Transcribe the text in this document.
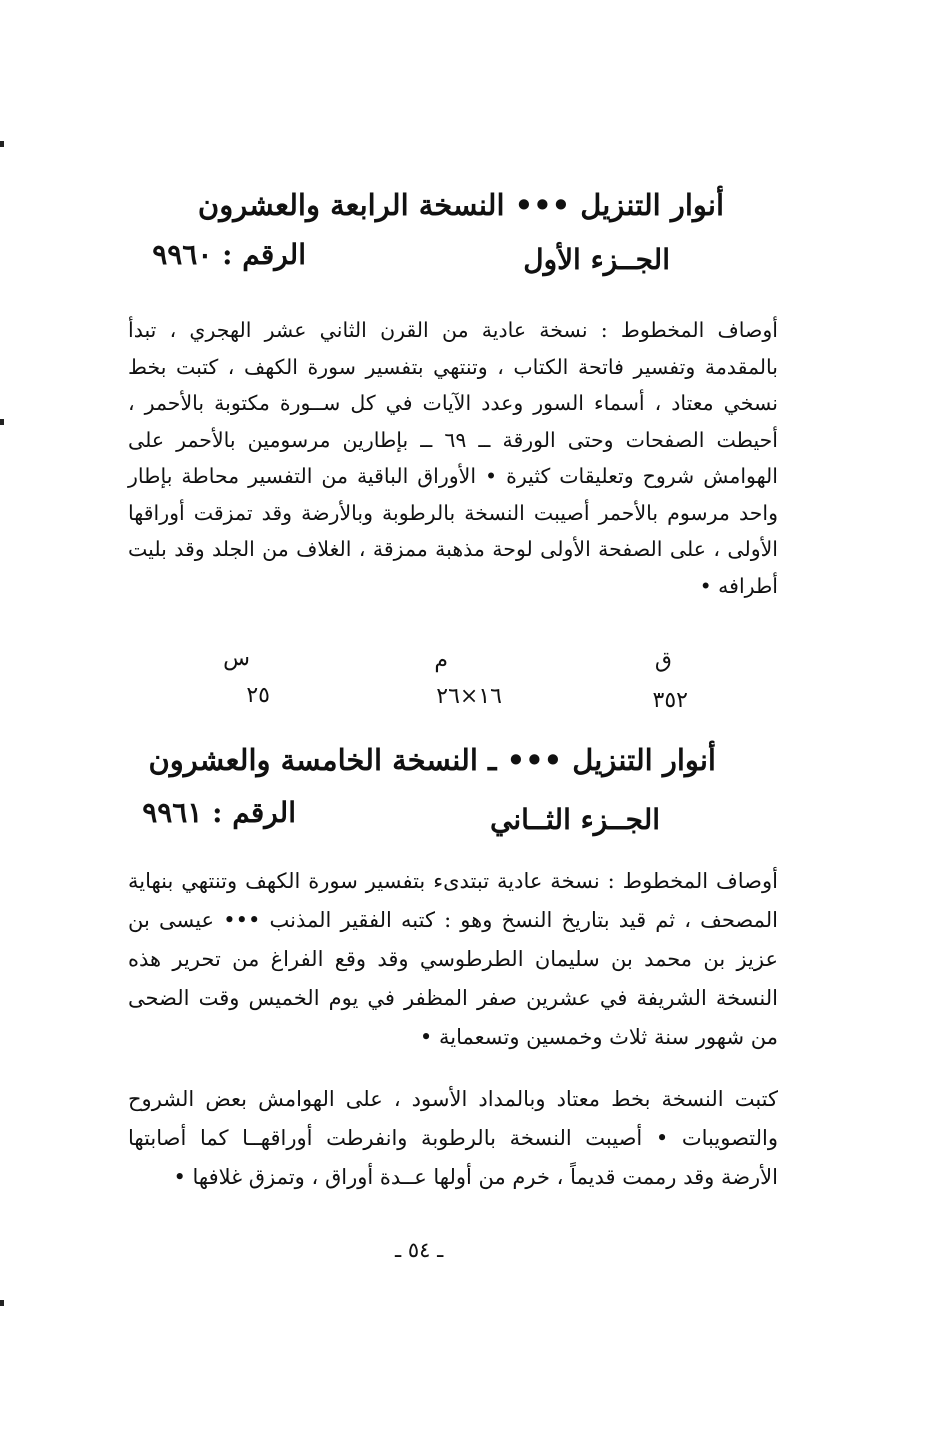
أنوار التنزيل ••• النسخة الرابعة والعشرون
الجــزء الأول
الرقم : ٩٩٦٠
أوصاف المخطوط : نسخة عادية من القرن الثاني عشر الهجري ، تبدأ بالمقدمة وتفسير فاتحة الكتاب ، وتنتهي بتفسير سورة الكهف ، كتبت بخط نسخي معتاد ، أسماء السور وعدد الآيات في كل ســورة مكتوبة بالأحمر ، أحيطت الصفحات وحتى الورقة ــ ٦٩ ــ بإطارين مرسومين بالأحمر على الهوامش شروح وتعليقات كثيرة • الأوراق الباقية من التفسير محاطة بإطار واحد مرسوم بالأحمر أصيبت النسخة بالرطوبة وبالأرضة وقد تمزقت أوراقها الأولى ، على الصفحة الأولى لوحة مذهبة ممزقة ، الغلاف من الجلد وقد بليت أطرافه •
ق
م
س
٣٥٢
١٦×٢٦
٢٥
أنوار التنزيل ••• ـ النسخة الخامسة والعشرون
الجــزء الثــاني
الرقم : ٩٩٦١
أوصاف المخطوط : نسخة عادية تبتدىء بتفسير سورة الكهف وتنتهي بنهاية المصحف ، ثم قيد بتاريخ النسخ وهو : كتبه الفقير المذنب ••• عيسى بن عزيز بن محمد بن سليمان الطرطوسي وقد وقع الفراغ من تحرير هذه النسخة الشريفة في عشرين صفر المظفر في يوم الخميس وقت الضحى من شهور سنة ثلاث وخمسين وتسعماية •
كتبت النسخة بخط معتاد وبالمداد الأسود ، على الهوامش بعض الشروح والتصويبات • أصيبت النسخة بالرطوبة وانفرطت أوراقهــا كما أصابتها الأرضة وقد رممت قديماً ، خرم من أولها عــدة أوراق ، وتمزق غلافها •
ـ ٥٤ ـ
